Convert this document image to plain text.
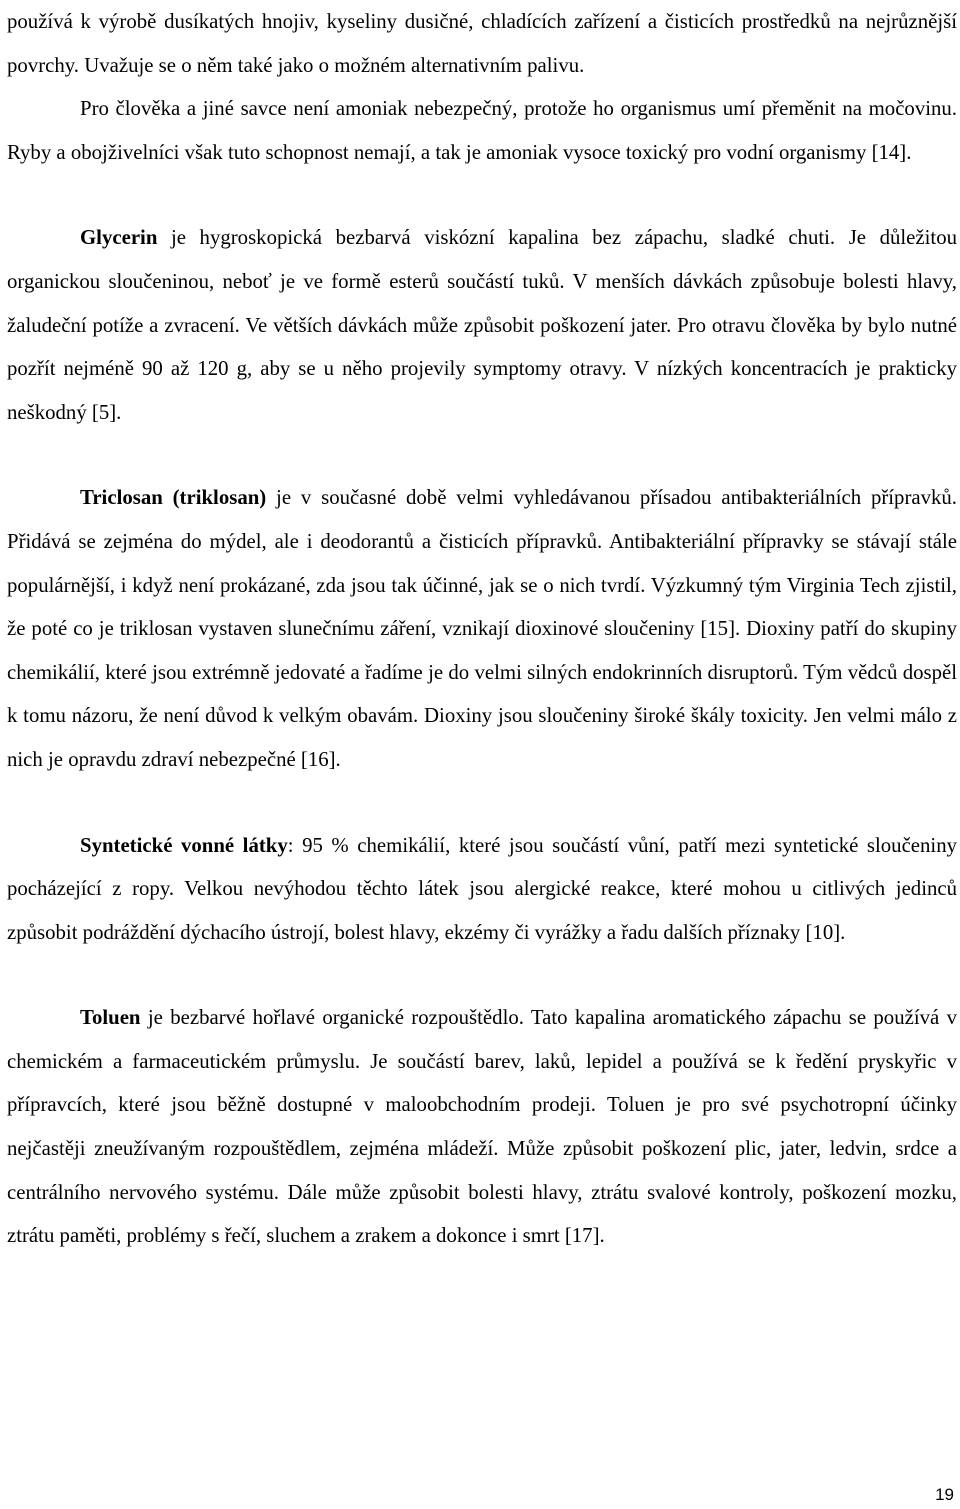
používá k výrobě dusíkatých hnojiv, kyseliny dusičné, chladících zařízení a čisticích prostředků na nejrůznější povrchy. Uvažuje se o něm také jako o možném alternativním palivu.

Pro člověka a jiné savce není amoniak nebezpečný, protože ho organismus umí přeměnit na močovinu. Ryby a obojživelníci však tuto schopnost nemají, a tak je amoniak vysoce toxický pro vodní organismy [14].

Glycerin je hygroskopická bezbarvá viskózní kapalina bez zápachu, sladké chuti. Je důležitou organickou sloučeninou, neboť je ve formě esterů součástí tuků. V menších dávkách způsobuje bolesti hlavy, žaludeční potíže a zvracení. Ve větších dávkách může způsobit poškození jater. Pro otravu člověka by bylo nutné pozřít nejméně 90 až 120 g, aby se u něho projevily symptomy otravy. V nízkých koncentracích je prakticky neškodný [5].

Triclosan (triklosan) je v současné době velmi vyhledávanou přísadou antibakteriálních přípravků. Přidává se zejména do mýdel, ale i deodorantů a čisticích přípravků. Antibakteriální přípravky se stávají stále populárnější, i když není prokázané, zda jsou tak účinné, jak se o nich tvrdí. Výzkumný tým Virginia Tech zjistil, že poté co je triklosan vystaven slunečnímu záření, vznikají dioxinové sloučeniny [15]. Dioxiny patří do skupiny chemikálií, které jsou extrémně jedovaté a řadíme je do velmi silných endokrinních disruptorů. Tým vědců dospěl k tomu názoru, že není důvod k velkým obavám. Dioxiny jsou sloučeniny široké škály toxicity. Jen velmi málo z nich je opravdu zdraví nebezpečné [16].

Syntetické vonné látky: 95 % chemikálií, které jsou součástí vůní, patří mezi syntetické sloučeniny pocházející z ropy. Velkou nevýhodou těchto látek jsou alergické reakce, které mohou u citlivých jedinců způsobit podráždění dýchacího ústrojí, bolest hlavy, ekzémy či vyrážky a řadu dalších příznaky [10].

Toluen je bezbarvé hořlavé organické rozpouštědlo. Tato kapalina aromatického zápachu se používá v chemickém a farmaceutickém průmyslu. Je součástí barev, laků, lepidel a používá se k ředění pryskyřic v přípravcích, které jsou běžně dostupné v maloobchodním prodeji. Toluen je pro své psychotropní účinky nejčastěji zneužívaným rozpouštědlem, zejména mládeží. Může způsobit poškození plic, jater, ledvin, srdce a centrálního nervového systému. Dále může způsobit bolesti hlavy, ztrátu svalové kontroly, poškození mozku, ztrátu paměti, problémy s řečí, sluchem a zrakem a dokonce i smrt [17].

19
